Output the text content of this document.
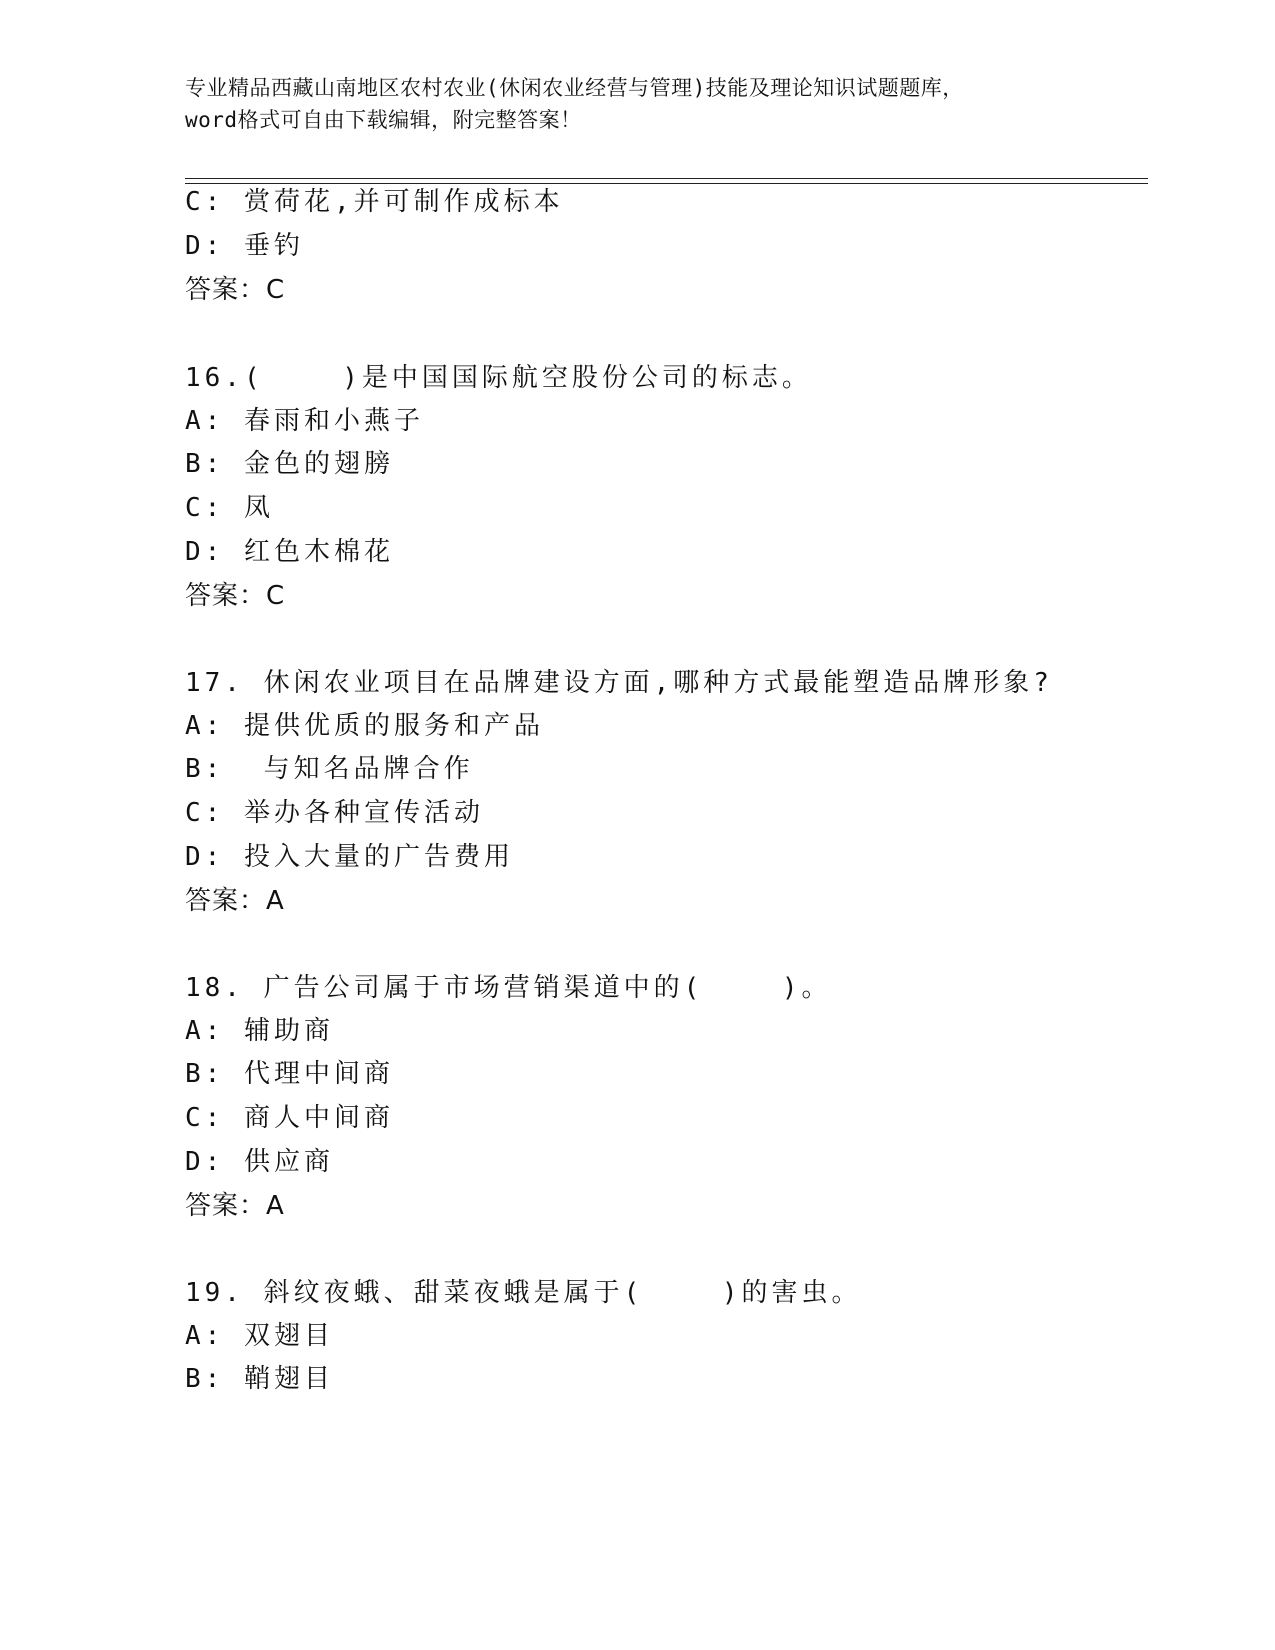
专业精品西藏山南地区农村农业(休闲农业经营与管理)技能及理论知识试题题库，
word格式可自由下载编辑，附完整答案！
C: 赏荷花,并可制作成标本
D: 垂钓
答案：C
16.(    )是中国国际航空股份公司的标志。
A: 春雨和小燕子
B: 金色的翅膀
C: 凤
D: 红色木棉花
答案：C
17. 休闲农业项目在品牌建设方面,哪种方式最能塑造品牌形象?
A: 提供优质的服务和产品
B:  与知名品牌合作
C: 举办各种宣传活动
D: 投入大量的广告费用
答案：A
18. 广告公司属于市场营销渠道中的(    )。
A: 辅助商
B: 代理中间商
C: 商人中间商
D: 供应商
答案：A
19. 斜纹夜蛾、甜菜夜蛾是属于(    )的害虫。
A: 双翅目
B: 鞘翅目
